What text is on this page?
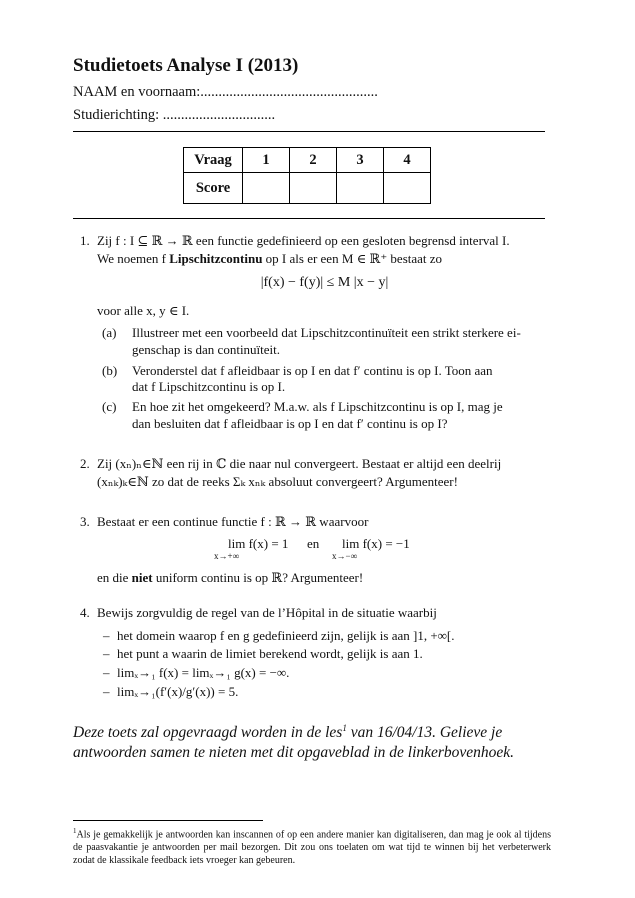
Studietoets Analyse I (2013)
NAAM en voornaam:.................................................
Studierichting: ...............................
Vraag	1	2	3	4
Score				
1. Zij f : I ⊆ ℝ → ℝ een functie gedefinieerd op een gesloten begrensd interval I.
We noemen f Lipschitzcontinu op I als er een M ∈ ℝ⁺ bestaat zo
|f(x) − f(y)| ≤ M |x − y|
voor alle x, y ∈ I.
(a) Illustreer met een voorbeeld dat Lipschitzcontinuïteit een strikt sterkere ei-
genschap is dan continuïteit.
(b) Veronderstel dat f afleidbaar is op I en dat f′ continu is op I. Toon aan
dat f Lipschitzcontinu is op I.
(c) En hoe zit het omgekeerd? M.a.w. als f Lipschitzcontinu is op I, mag je
dan besluiten dat f afleidbaar is op I en dat f′ continu is op I?
2. Zij (xₙ)ₙ∈ℕ een rij in ℂ die naar nul convergeert. Bestaat er altijd een deelrij
(xₙₖ)ₖ∈ℕ zo dat de reeks Σₖ xₙₖ absoluut convergeert? Argumenteer!
3. Bestaat er een continue functie f : ℝ → ℝ waarvoor
lim f(x) = 1
x→+∞
en lim f(x) = −1
x→−∞
en die niet uniform continu is op ℝ? Argumenteer!
4. Bewijs zorgvuldig de regel van de l’Hôpital in de situatie waarbij
– het domein waarop f en g gedefinieerd zijn, gelijk is aan ]1, +∞[.
– het punt a waarin de limiet berekend wordt, gelijk is aan 1.
– limₓ→₁ f(x) = limₓ→₁ g(x) = −∞.
– limₓ→₁(f′(x)/g′(x)) = 5.
Deze toets zal opgevraagd worden in de les$^1$ van 16/04/13. Gelieve je antwoorden samen te nieten met dit opgaveblad in de linkerbovenhoek.
$^1$Als je gemakkelijk je antwoorden kan inscannen of op een andere manier kan digitaliseren, dan mag je ook al tijdens de paasvakantie je antwoorden per mail bezorgen. Dit zou ons toelaten om wat tijd te winnen bij het verbeterwerk zodat de klassikale feedback iets vroeger kan gebeuren.
